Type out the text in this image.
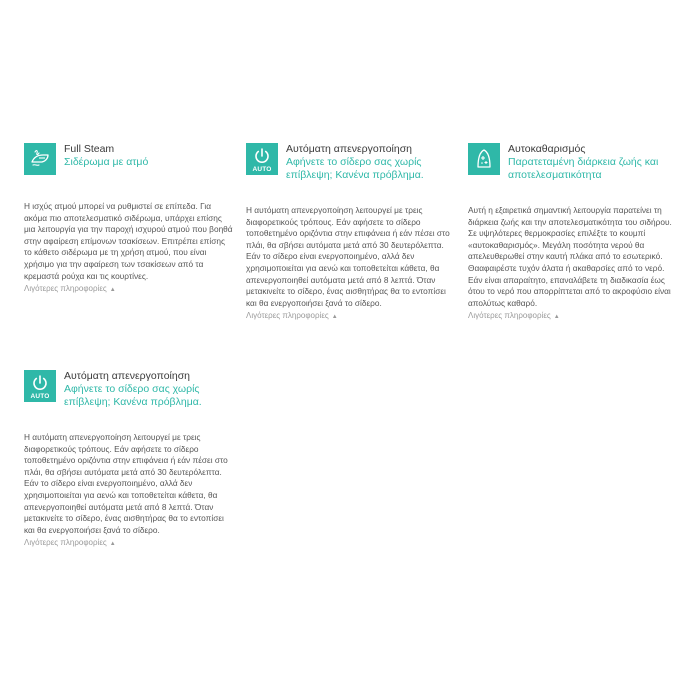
Full Steam
Σιδέρωμα με ατμό
Η ισχύς ατμού μπορεί να ρυθμιστεί σε επίπεδα. Για ακόμα πιο αποτελεσματικό σιδέρωμα, υπάρχει επίσης μια λειτουργία για την παροχή ισχυρού ατμού που βοηθά στην αφαίρεση επίμονων τσακίσεων. Επιτρέπει επίσης το κάθετο σιδέρωμα με τη χρήση ατμού, που είναι χρήσιμο για την αφαίρεση των τσακίσεων από τα κρεμαστά ρούχα και τις κουρτίνες.
Λιγότερες πληροφορίες ▲
AUTO
Αυτόματη απενεργοποίηση
Αφήνετε το σίδερο σας χωρίς επίβλεψη; Κανένα πρόβλημα.
Η αυτόματη απενεργοποίηση λειτουργεί με τρεις διαφορετικούς τρόπους. Εάν αφήσετε το σίδερο τοποθετημένο οριζόντια στην επιφάνεια ή εάν πέσει στο πλάι, θα σβήσει αυτόματα μετά από 30 δευτερόλεπτα. Εάν το σίδερο είναι ενεργοποιημένο, αλλά δεν χρησιμοποιείται για αενώ και τοποθετείται κάθετα, θα απενεργοποιηθεί αυτόματα μετά από 8 λεπτά. Όταν μετακινείτε το σίδερο, ένας αισθητήρας θα το εντοπίσει και θα ενεργοποιήσει ξανά το σίδερο.
Λιγότερες πληροφορίες ▲
Αυτοκαθαρισμός
Παρατεταμένη διάρκεια ζωής και αποτελεσματικότητα
Αυτή η εξαιρετικά σημαντική λειτουργία παρατείνει τη διάρκεια ζωής και την αποτελεσματικότητα του σιδήρου. Σε υψηλότερες θερμοκρασίες επιλέξτε το κουμπί «αυτοκαθαρισμός». Μεγάλη ποσότητα νερού θα απελευθερωθεί στην καυτή πλάκα από το εσωτερικό. Θααφαιρέστε τυχόν άλατα ή ακαθαρσίες από το νερό. Εάν είναι απαραίτητο, επαναλάβετε τη διαδικασία έως ότου το νερό που απορρίπτεται από το ακροφύσιο είναι απολύτως καθαρό.
Λιγότερες πληροφορίες ▲
AUTO
Αυτόματη απενεργοποίηση
Αφήνετε το σίδερο σας χωρίς επίβλεψη; Κανένα πρόβλημα.
Η αυτόματη απενεργοποίηση λειτουργεί με τρεις διαφορετικούς τρόπους. Εάν αφήσετε το σίδερο τοποθετημένο οριζόντια στην επιφάνεια ή εάν πέσει στο πλάι, θα σβήσει αυτόματα μετά από 30 δευτερόλεπτα. Εάν το σίδερο είναι ενεργοποιημένο, αλλά δεν χρησιμοποιείται για αενώ και τοποθετείται κάθετα, θα απενεργοποιηθεί αυτόματα μετά από 8 λεπτά. Όταν μετακινείτε το σίδερο, ένας αισθητήρας θα το εντοπίσει και θα ενεργοποιήσει ξανά το σίδερο.
Λιγότερες πληροφορίες ▲
